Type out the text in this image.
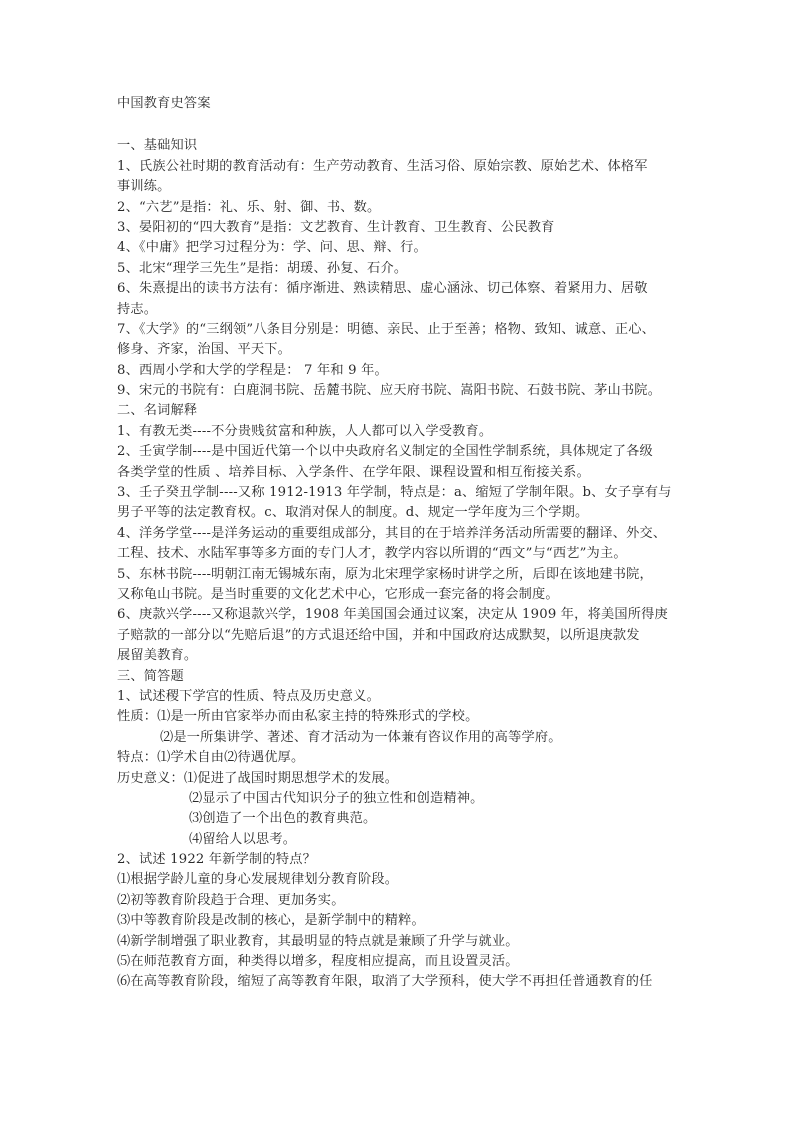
中国教育史答案
一、基础知识
1、氏族公社时期的教育活动有：生产劳动教育、生活习俗、原始宗教、原始艺术、体格军
事训练。
2、“六艺”是指：礼、乐、射、御、书、数。
3、晏阳初的“四大教育”是指：文艺教育、生计教育、卫生教育、公民教育
4、《中庸》把学习过程分为：学、问、思、辩、行。
5、北宋“理学三先生”是指：胡瑗、孙复、石介。
6、朱熹提出的读书方法有：循序渐进、熟读精思、虚心涵泳、切己体察、着紧用力、居敬
持志。
7、《大学》的“三纲领”八条目分别是：明德、亲民、止于至善；格物、致知、诚意、正心、
修身、齐家，治国、平天下。
8、西周小学和大学的学程是： 7 年和 9 年。
9、宋元的书院有：白鹿洞书院、岳麓书院、应天府书院、嵩阳书院、石鼓书院、茅山书院。
二、名词解释
1、有教无类----不分贵贱贫富和种族，人人都可以入学受教育。
2、壬寅学制----是中国近代第一个以中央政府名义制定的全国性学制系统，具体规定了各级
各类学堂的性质 、培养目标、入学条件、在学年限、课程设置和相互衔接关系。
3、壬子癸丑学制----又称 1912-1913 年学制，特点是：a、缩短了学制年限。b、女子享有与
男子平等的法定教育权。c、取消对保人的制度。d、规定一学年度为三个学期。
4、洋务学堂----是洋务运动的重要组成部分，其目的在于培养洋务活动所需要的翻译、外交、
工程、技术、水陆军事等多方面的专门人才，教学内容以所谓的“西文”与“西艺”为主。
5、东林书院----明朝江南无锡城东南，原为北宋理学家杨时讲学之所，后即在该地建书院，
又称龟山书院。是当时重要的文化艺术中心，它形成一套完备的将会制度。
6、庚款兴学----又称退款兴学，1908 年美国国会通过议案，决定从 1909 年，将美国所得庚
子赔款的一部分以“先赔后退”的方式退还给中国，并和中国政府达成默契，以所退庚款发
展留美教育。
三、简答题
1、试述稷下学宫的性质、特点及历史意义。
性质：⑴是一所由官家举办而由私家主持的特殊形式的学校。
⑵是一所集讲学、著述、育才活动为一体兼有咨议作用的高等学府。
特点：⑴学术自由⑵待遇优厚。
历史意义：⑴促进了战国时期思想学术的发展。
⑵显示了中国古代知识分子的独立性和创造精神。
⑶创造了一个出色的教育典范。
⑷留给人以思考。
2、试述 1922 年新学制的特点？
⑴根据学龄儿童的身心发展规律划分教育阶段。
⑵初等教育阶段趋于合理、更加务实。
⑶中等教育阶段是改制的核心，是新学制中的精粹。
⑷新学制增强了职业教育，其最明显的特点就是兼顾了升学与就业。
⑸在师范教育方面，种类得以增多，程度相应提高，而且设置灵活。
⑹在高等教育阶段，缩短了高等教育年限，取消了大学预科，使大学不再担任普通教育的任
